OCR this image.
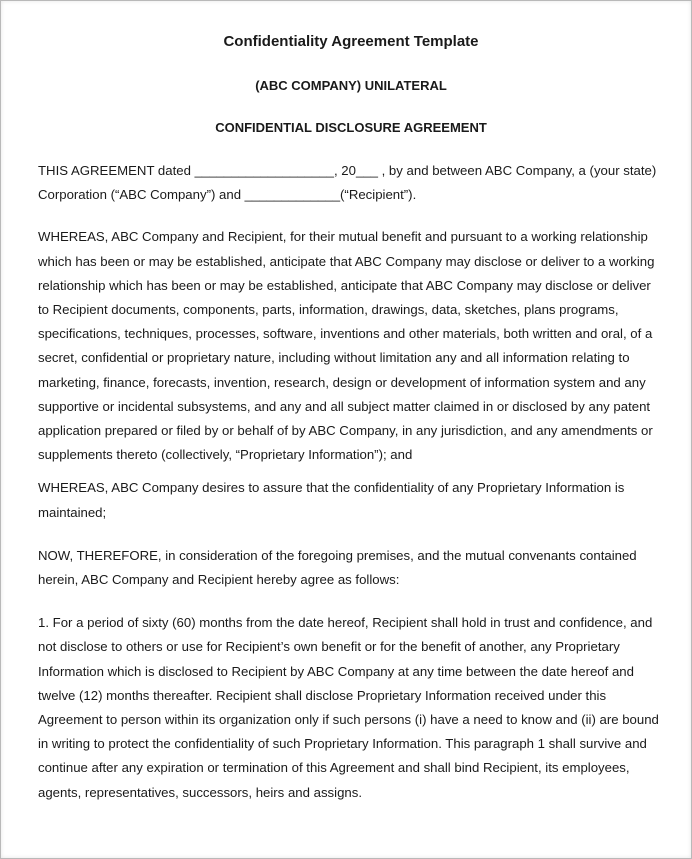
Confidentiality Agreement Template
(ABC COMPANY) UNILATERAL
CONFIDENTIAL DISCLOSURE AGREEMENT

THIS AGREEMENT dated ___________________, 20___ , by and between ABC Company, a (your state) Corporation (“ABC Company”) and _____________(“Recipient”).

WHEREAS, ABC Company and Recipient, for their mutual benefit and pursuant to a working relationship which has been or may be established, anticipate that ABC Company may disclose or deliver to a working relationship which has been or may be established, anticipate that ABC Company may disclose or deliver to Recipient documents, components, parts, information, drawings, data, sketches, plans programs, specifications, techniques, processes, software, inventions and other materials, both written and oral, of a secret, confidential or proprietary nature, including without limitation any and all information relating to marketing, finance, forecasts, invention, research, design or development of information system and any supportive or incidental subsystems, and any and all subject matter claimed in or disclosed by any patent application prepared or filed by or behalf of by ABC Company, in any jurisdiction, and any amendments or supplements thereto (collectively, “Proprietary Information”); and

WHEREAS, ABC Company desires to assure that the confidentiality of any Proprietary Information is maintained;

NOW, THEREFORE, in consideration of the foregoing premises, and the mutual convenants contained herein, ABC Company and Recipient hereby agree as follows:

1. For a period of sixty (60) months from the date hereof, Recipient shall hold in trust and confidence, and not disclose to others or use for Recipient’s own benefit or for the benefit of another, any Proprietary Information which is disclosed to Recipient by ABC Company at any time between the date hereof and twelve (12) months thereafter. Recipient shall disclose Proprietary Information received under this Agreement to person within its organization only if such persons (i) have a need to know and (ii) are bound in writing to protect the confidentiality of such Proprietary Information. This paragraph 1 shall survive and continue after any expiration or termination of this Agreement and shall bind Recipient, its employees, agents, representatives, successors, heirs and assigns.
